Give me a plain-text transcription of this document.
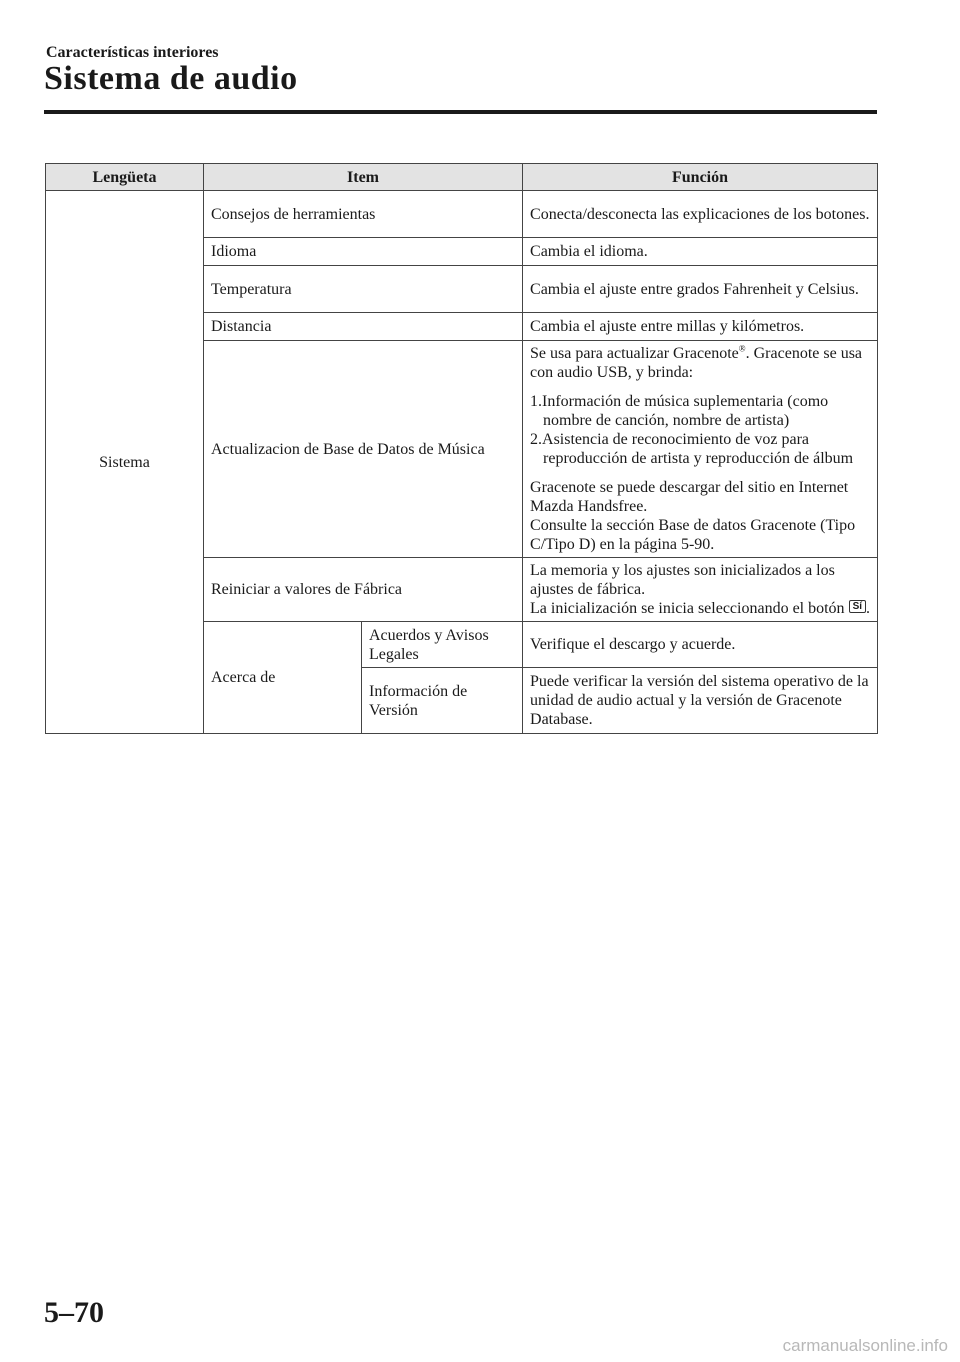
Características interiores

Sistema de audio
Lengüeta	Item		Función
Sistema	Consejos de herramientas		Conecta/desconecta las explicaciones de los botones.
	Idioma		Cambia el idioma.
	Temperatura		Cambia el ajuste entre grados Fahrenheit y Celsius.
	Distancia		Cambia el ajuste entre millas y kilómetros.
	Actualizacion de Base de Datos de Música		Se usa para actualizar Gracenote®. Gracenote se usa con audio USB, y brinda:

1.Información de música suplementaria (como nombre de canción, nombre de artista)
2.Asistencia de reconocimiento de voz para reproducción de artista y reproducción de álbum

Gracenote se puede descargar del sitio en Internet Mazda Handsfree.

Consulte la sección Base de datos Gracenote (Tipo C/Tipo D) en la página 5-90.

	Reiniciar a valores de Fábrica		La memoria y los ajustes son inicializados a los ajustes de fábrica.

La inicialización se inicia seleccionando el botón Sí .

	Acerca de	Acuerdos y Avisos Legales	Verifique el descargo y acuerde.
		Información de Versión	Puede verificar la versión del sistema operativo de la unidad de audio actual y la versión de Gracenote Database.

5–70

carmanualsonline.info
